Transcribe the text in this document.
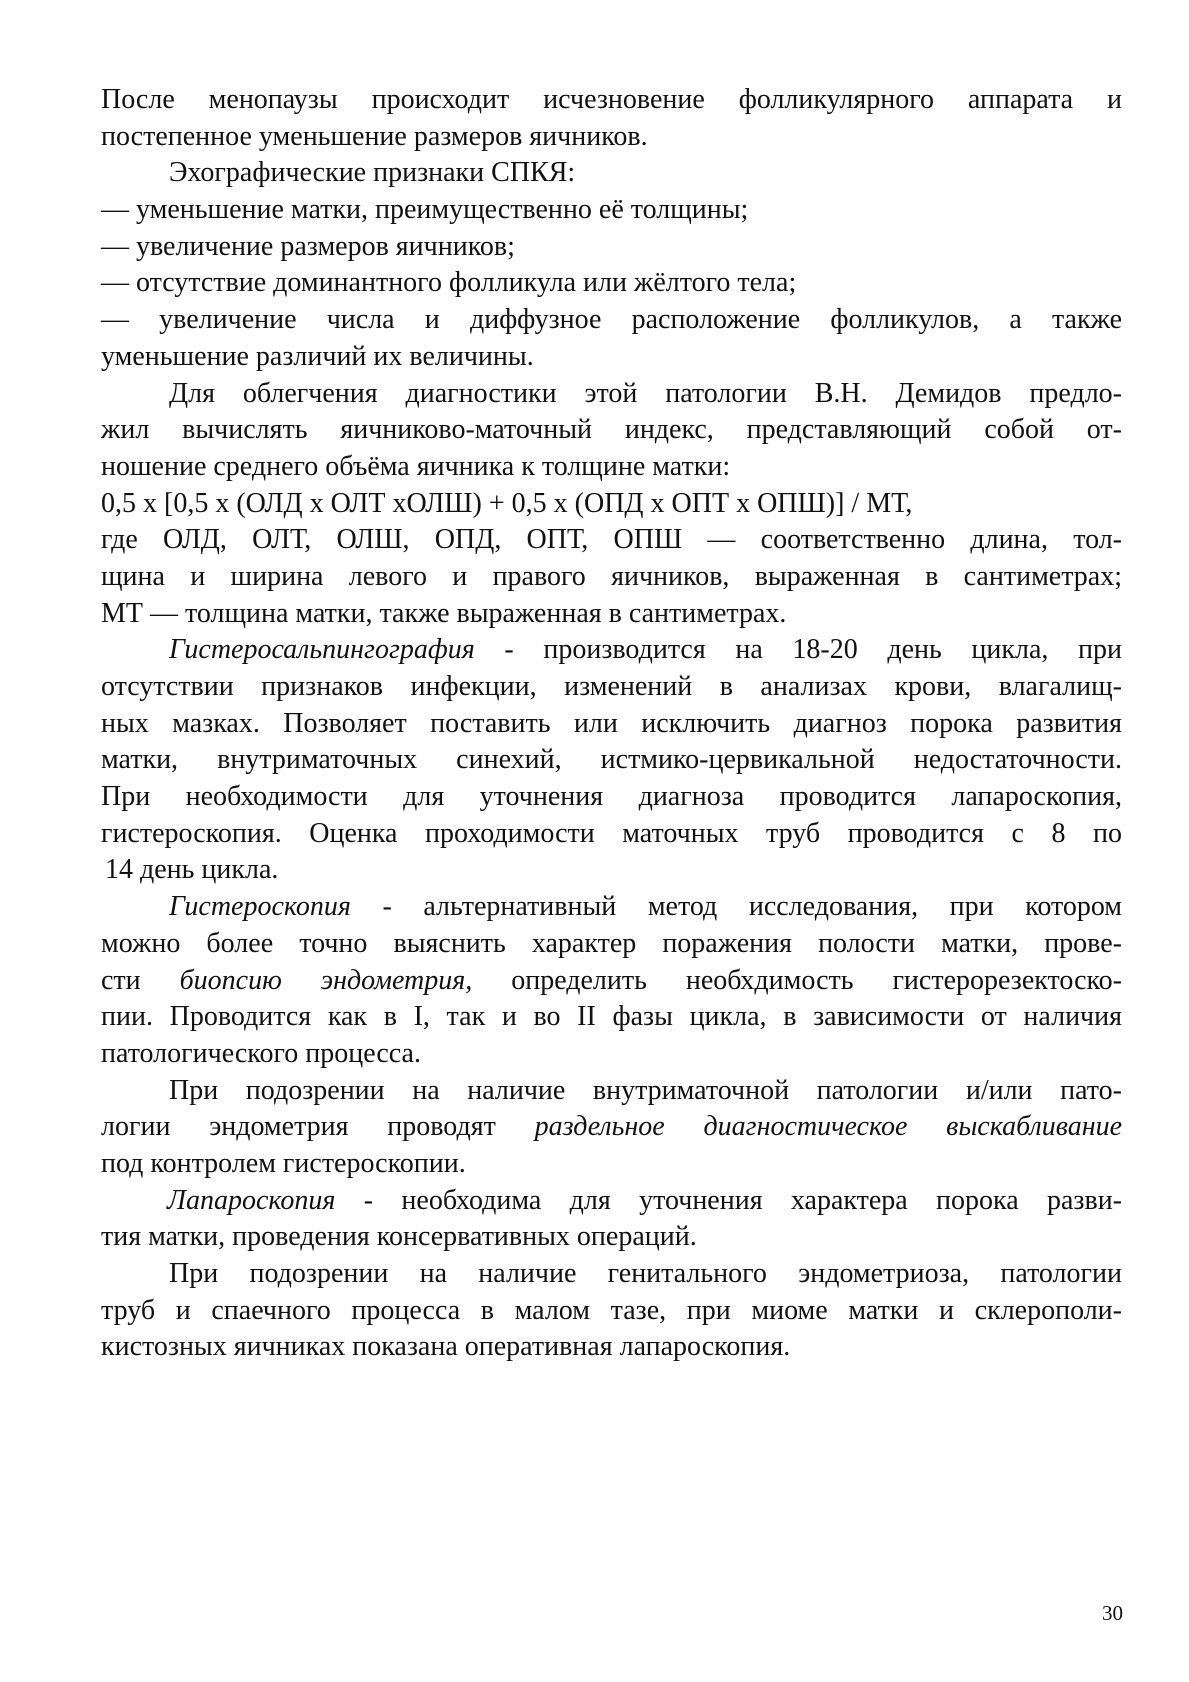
После менопаузы происходит исчезновение фолликулярного аппарата и
постепенное уменьшение размеров яичников.
Эхографические признаки СПКЯ:
— уменьшение матки, преимущественно её толщины;
— увеличение размеров яичников;
— отсутствие доминантного фолликула или жёлтого тела;
— увеличение числа и диффузное расположение фолликулов, а также
уменьшение различий их величины.
Для облегчения диагностики этой патологии В.Н. Демидов предло-
жил вычислять яичниково-маточный индекс, представляющий собой от-
ношение среднего объёма яичника к толщине матки:
0,5 х [0,5 х (ОЛД х ОЛТ хОЛШ) + 0,5 х (ОПД х ОПТ х ОПШ)] / МТ,
где ОЛД, ОЛТ, ОЛШ, ОПД, ОПТ, ОПШ — соответственно длина, тол-
щина и ширина левого и правого яичников, выраженная в сантиметрах;
МТ — толщина матки, также выраженная в сантиметрах.
Гистеросальпингография - производится на 18-20 день цикла, при
отсутствии признаков инфекции, изменений в анализах крови, влагалищ-
ных мазках. Позволяет поставить или исключить диагноз порока развития
матки, внутриматочных синехий, истмико-цервикальной недостаточности.
При необходимости для уточнения диагноза проводится лапароскопия,
гистероскопия. Оценка проходимости маточных труб проводится с 8 по
14 день цикла.
Гистероскопия - альтернативный метод исследования, при котором
можно более точно выяснить характер поражения полости матки, прове-
сти биопсию эндометрия, определить необхдимость гистерорезектоско-
пии. Проводится как в I, так и во II фазы цикла, в зависимости от наличия
патологического процесса.
При подозрении на наличие внутриматочной патологии и/или пато-
логии эндометрия проводят раздельное диагностическое выскабливание
под контролем гистероскопии.
Лапароскопия - необходима для уточнения характера порока разви-
тия матки, проведения консервативных операций.
При подозрении на наличие генитального эндометриоза, патологии
труб и спаечного процесса в малом тазе, при миоме матки и склерополи-
кистозных яичниках показана оперативная лапароскопия.
30
